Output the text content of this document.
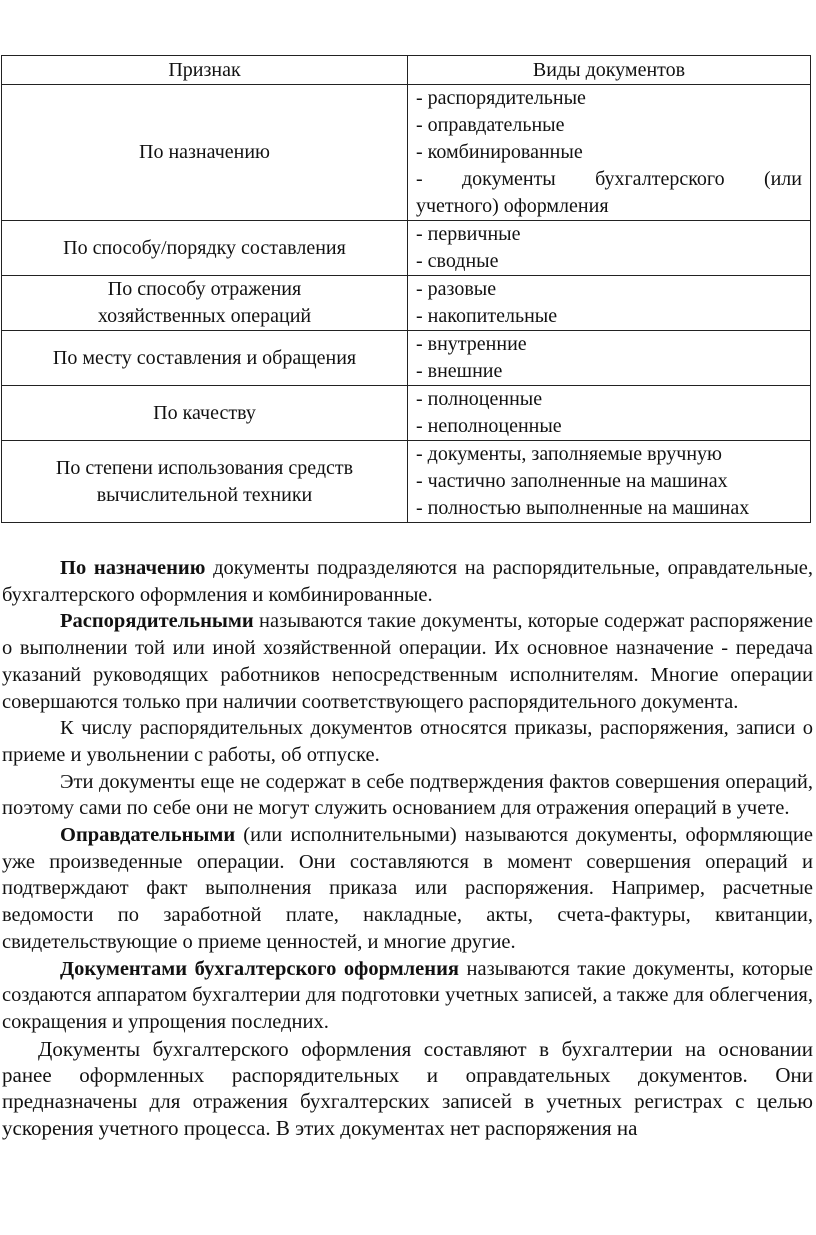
Признак	Виды документов
По назначению	- распорядительные
- оправдательные
- комбинированные
- документы бухгалтерского (или
учетного) оформления

По способу/порядку составления	- первичные
- сводные

По способу отражения
хозяйственных операций	- разовые
- накопительные

По месту составления и обращения	- внутренние
- внешние

По качеству	- полноценные
- неполноценные

По степени использования средств
вычислительной техники	- документы, заполняемые вручную
- частично заполненные на машинах
- полностью выполненные на машинах

По назначению документы подразделяются на распорядительные, оправдательные, бухгалтерского оформления и комбинированные.

Распорядительными называются такие документы, которые содержат распоряжение о выполнении той или иной хозяйственной операции. Их основное назначение - передача указаний руководящих работников непосредственным исполнителям. Многие операции совершаются только при наличии соответствующего распорядительного документа.

К числу распорядительных документов относятся приказы, распоряжения, записи о приеме и увольнении с работы, об отпуске.

Эти документы еще не содержат в себе подтверждения фактов совершения операций, поэтому сами по себе они не могут служить основанием для отражения операций в учете.

Оправдательными (или исполнительными) называются документы, оформляющие уже произведенные операции. Они составляются в момент совершения операций и подтверждают факт выполнения приказа или распоряжения. Например, расчетные ведомости по заработной плате, накладные, акты, счета-фактуры, квитанции, свидетельствующие о приеме ценностей, и многие другие.

Документами бухгалтерского оформления называются такие документы, которые создаются аппаратом бухгалтерии для подготовки учетных записей, а также для облегчения, сокращения и упрощения последних.

Документы бухгалтерского оформления составляют в бухгалтерии на основании ранее оформленных распорядительных и оправдательных документов. Они предназначены для отражения бухгалтерских записей в учетных регистрах с целью ускорения учетного процесса. В этих документах нет распоряжения на
